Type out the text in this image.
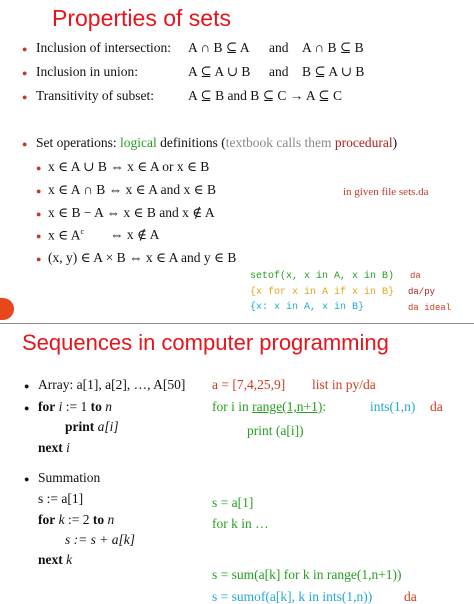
Properties of sets
● Inclusion of intersection: A ∩ B ⊆ A and A ∩ B ⊆ B
● Inclusion in union:	A ⊆ A ∪ B and B ⊆ A ∪ B
● Transitivity of subset:	A ⊆ B and B ⊆ C → A ⊆ C
● Set operations: logical definitions (textbook calls them procedural)
● x ∈ A ∪ B ⇔ x ∈ A or x ∈ B
● x ∈ A ∩ B ⇔ x ∈ A and x ∈ B	in given file sets.da
● x ∈ B − A ⇔ x ∈ B and x ∉ A
● x ∈ $A^c$ ⇔ x ∉ A
● (x, y) ∈ A × B ⇔ x ∈ A and y ∈ B
setof(x, x in A, x in B) da
{x for x in A if x in B} da/py
{x: x in A, x in B}	da ideal
Sequences in computer programming
● Array: a[1], a[2], …, A[50] a = [7,4,25,9] list in py/da
● for i := 1 to n	for i in range(1,n+1):	ints(1,n) da
print a[i]	print (a[i])
next i
● Summation
s := a[1]	s = a[1]
for k := 2 to n	for k in …
s := s + a[k]
next k
s = sum(a[k] for k in range(1,n+1))
s = sumof(a[k], k in ints(1,n)) da
